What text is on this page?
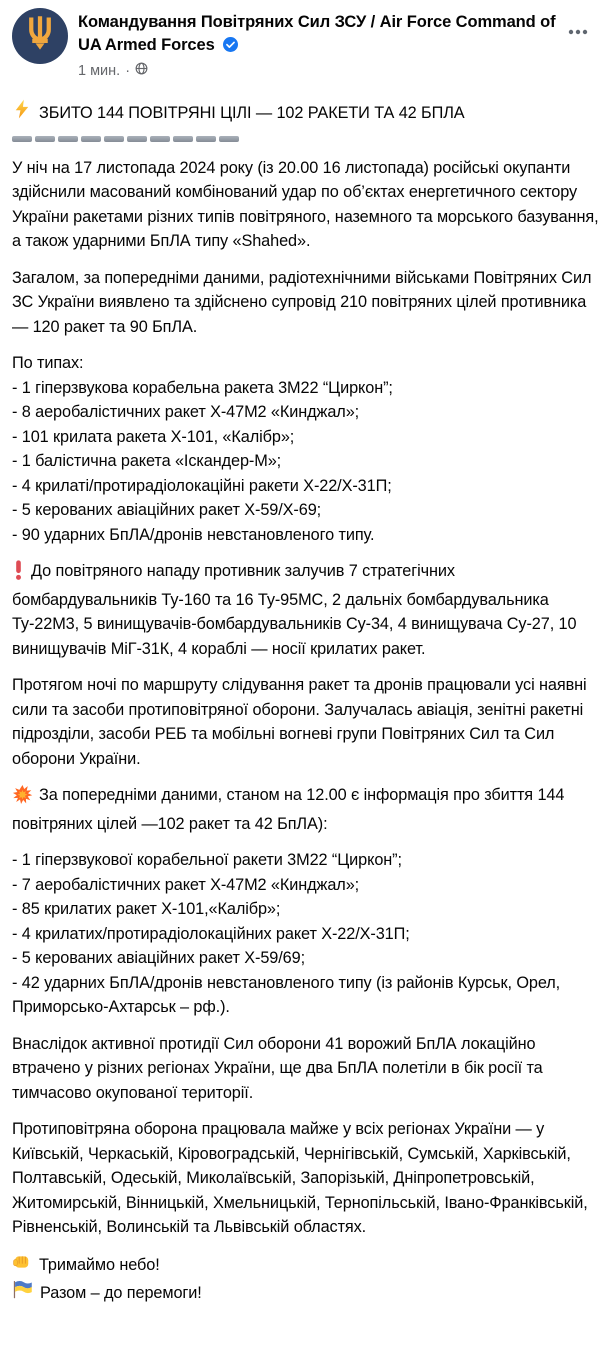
Командування Повітряних Сил ЗСУ / Air Force Command of UA Armed Forces
1 мин. ·

ЗБИТО 144 ПОВІТРЯНІ ЦІЛІ — 102 РАКЕТИ ТА 42 БПЛА

У ніч на 17 листопада 2024 року (із 20.00 16 листопада) російські окупанти здійснили масований комбінований удар по об’єктах енергетичного сектору України ракетами різних типів повітряного, наземного та морського базування, а також ударними БпЛА типу «Shahed».

Загалом, за попередніми даними, радіотехнічними військами Повітряних Сил ЗС України виявлено та здійснено супровід 210 повітряних цілей противника — 120 ракет та 90 БпЛА.

По типах:

- 1 гіперзвукова корабельна ракета 3М22 “Циркон”;

- 8 аеробалістичних ракет Х-47М2 «Кинджал»;

- 101 крилата ракета Х-101, «Калібр»;

- 1 балістична ракета «Іскандер-М»;

- 4 крилаті/протирадіолокаційні ракети Х-22/Х-31П;

- 5 керованих авіаційних ракет Х-59/Х-69;

- 90 ударних БпЛА/дронів невстановленого типу.

До повітряного нападу противник залучив 7 стратегічних бомбардувальників Ту-160 та 16 Ту-95МС, 2 дальніх бомбардувальника Ту-22М3, 5 винищувачів-бомбардувальників Су-34, 4 винищувача Су-27, 10 винищувачів МіГ-31К, 4 кораблі — носії крилатих ракет.

Протягом ночі по маршруту слідування ракет та дронів працювали усі наявні сили та засоби протиповітряної оборони. Залучалась авіація, зенітні ракетні підрозділи, засоби РЕБ та мобільні вогневі групи Повітряних Сил та Сил оборони України.

За попередніми даними, станом на 12.00 є інформація про збиття 144 повітряних цілей —102 ракет та 42 БпЛА):

- 1 гіперзвукової корабельної ракети 3М22 “Циркон”;

- 7 аеробалістичних ракет Х-47М2 «Кинджал»;

- 85 крилатих ракет Х-101,«Калібр»;

- 4 крилатих/протирадіолокаційних ракет Х-22/Х-31П;

- 5 керованих авіаційних ракет Х-59/69;

- 42 ударних БпЛА/дронів невстановленого типу (із районів Курськ, Орел, Приморсько-Ахтарськ – рф.).

Внаслідок активної протидії Сил оборони 41 ворожий БпЛА локаційно втрачено у різних регіонах України, ще два БпЛА полетіли в бік росії та тимчасово окупованої території.

Протиповітряна оборона працювала майже у всіх регіонах України — у Київській, Черкаській, Кіровоградській, Чернігівській, Сумській, Харківській, Полтавській, Одеській, Миколаївській, Запорізькій, Дніпропетровській, Житомирській, Вінницькій, Хмельницькій, Тернопільській, Івано-Франківській, Рівненській, Волинській та Львівській областях.

Тримаймо небо!

Разом – до перемоги!
